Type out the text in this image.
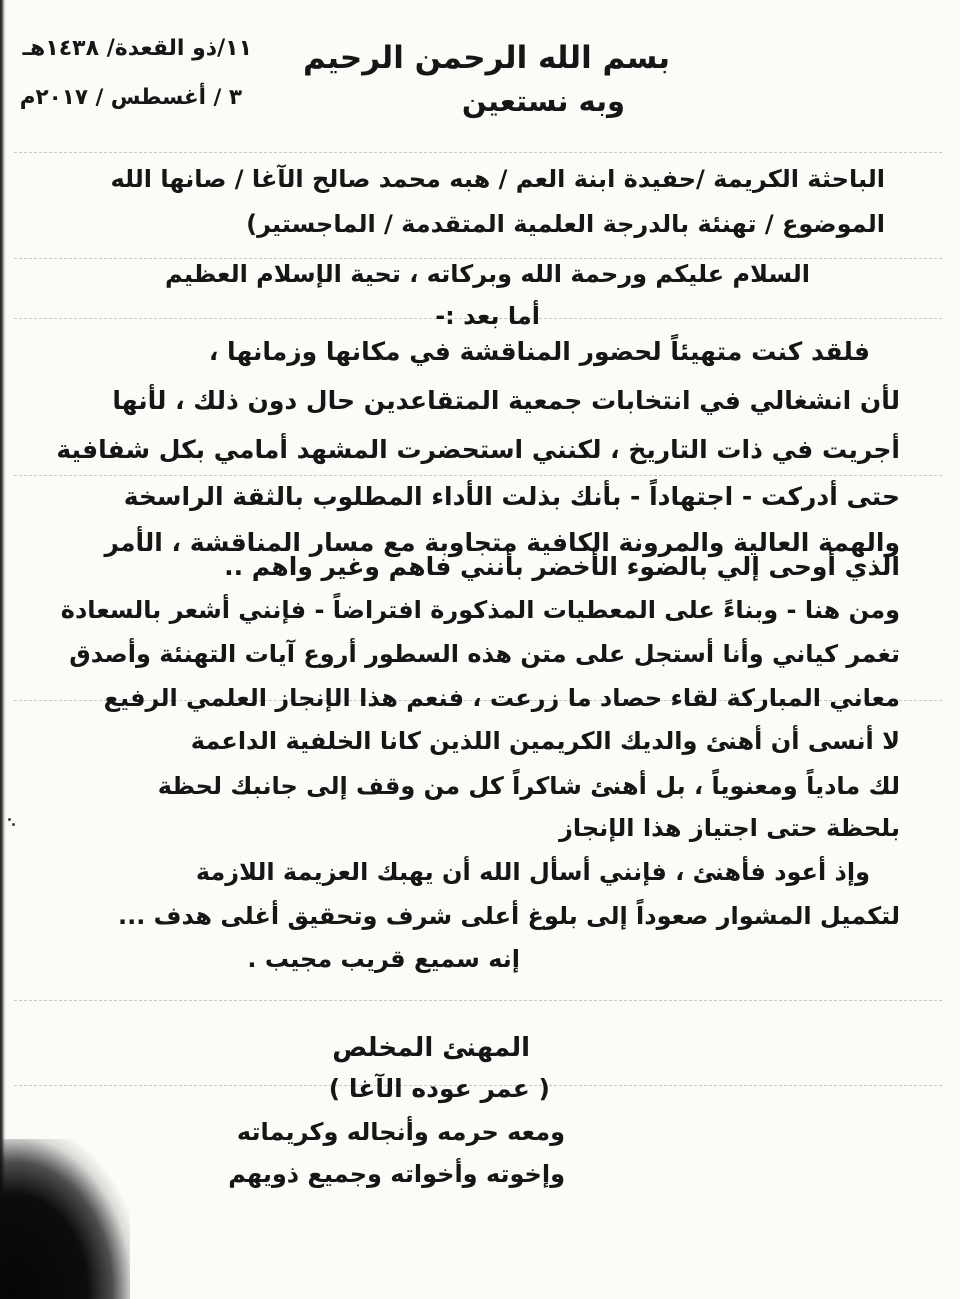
بسم الله الرحمن الرحيم
وبه نستعين
١١/ذو القعدة/ ١٤٣٨هـ
٣ / أغسطس / ٢٠١٧م
الباحثة الكريمة /حفيدة ابنة العم / هبه محمد صالح الآغا / صانها الله
الموضوع / تهنئة بالدرجة العلمية المتقدمة / الماجستير)
السلام عليكم ورحمة الله وبركاته ، تحية الإسلام العظيم
أما بعد :-
فلقد كنت متهيئاً لحضور المناقشة في مكانها وزمانها ،
لأن انشغالي في انتخابات جمعية المتقاعدين حال دون ذلك ، لأنها
أجريت في ذات التاريخ ، لكنني استحضرت المشهد أمامي بكل شفافية
حتى أدركت - اجتهاداً - بأنك بذلت الأداء المطلوب بالثقة الراسخة
والهمة العالية والمرونة الكافية متجاوبة مع مسار المناقشة ، الأمر
الذي أوحى إلي بالضوء الأخضر بأنني فاهم وغير واهم ..
ومن هنا - وبناءً على المعطيات المذكورة افتراضاً - فإنني أشعر بالسعادة
تغمر كياني وأنا أستجل على متن هذه السطور أروع آيات التهنئة وأصدق
معاني المباركة لقاء حصاد ما زرعت ، فنعم هذا الإنجاز العلمي الرفيع
لا أنسى أن أهنئ والديك الكريمين اللذين كانا الخلفية الداعمة
لك مادياً ومعنوياً ، بل أهنئ شاكراً كل من وقف إلى جانبك لحظة
بلحظة حتى اجتياز هذا الإنجاز
وإذ أعود فأهنئ ، فإنني أسأل الله أن يهبك العزيمة اللازمة
لتكميل المشوار صعوداً إلى بلوغ أعلى شرف وتحقيق أغلى هدف ...
إنه سميع قريب مجيب .
المهنئ المخلص
( عمر عوده الآغا )
ومعه حرمه وأنجاله وكريماته
وإخوته وأخواته وجميع ذويهم
